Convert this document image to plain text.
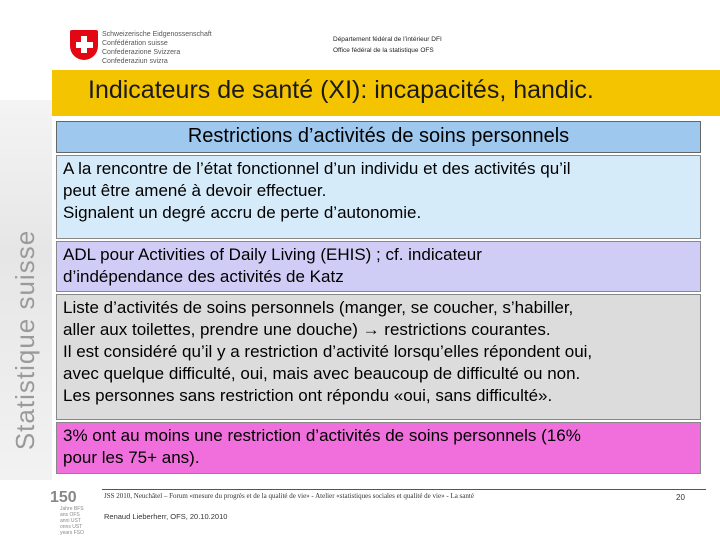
Statistique suisse
Schweizerische Eidgenossenschaft
Confédération suisse
Confederazione Svizzera
Confederaziun svizra
Département fédéral de l’intérieur DFI
Office fédéral de la statistique OFS
Indicateurs de santé (XI): incapacités, handic.
Restrictions d’activités de soins personnels
A la rencontre de l’état fonctionnel d’un individu et des activités qu’il
peut être amené à devoir effectuer.
Signalent un degré accru de perte d’autonomie.
ADL pour Activities of Daily Living (EHIS) ; cf. indicateur
d’indépendance des activités de Katz
Liste d’activités de soins personnels (manger, se coucher, s’habiller,
aller aux toilettes, prendre une douche) → restrictions courantes.
Il est considéré qu’il y a restriction d’activité lorsqu’elles répondent oui,
avec quelque difficulté, oui, mais avec beaucoup de difficulté ou non.
Les personnes sans restriction ont répondu «oui, sans difficulté».
3% ont au moins une restriction d’activités de soins personnels (16%
pour les 75+ ans).
150
Jahre BFS
ans OFS
anni UST
onns UST
years FSO
JSS 2010, Neuchâtel – Forum «mesure du progrès et de la qualité de vie» - Atelier «statistiques sociales et qualité de vie» - La santé
Renaud Lieberherr, OFS, 20.10.2010
20
